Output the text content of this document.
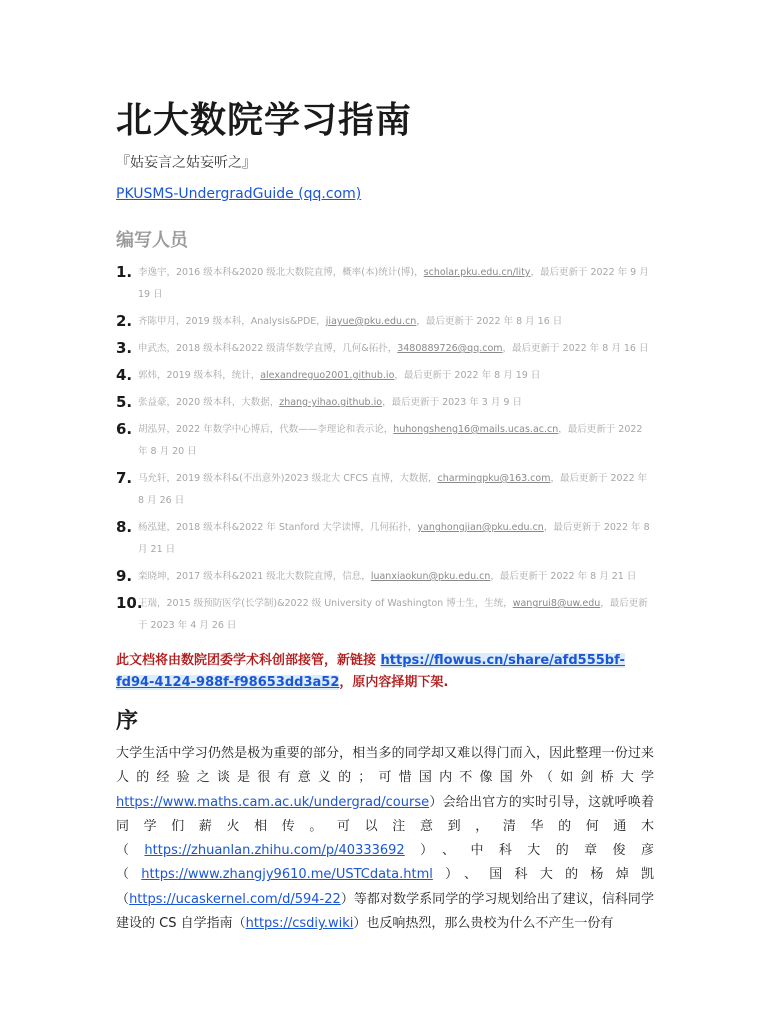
北大数院学习指南
『姑妄言之姑妄听之』
PKUSMS-UndergradGuide (qq.com)
编写人员
1. 李逸宇，2016 级本科&2020 级北大数院直博，概率(本)统计(博)，scholar.pku.edu.cn/lity，最后更新于 2022 年 9 月 19 日
2. 齐陈甲月，2019 级本科，Analysis&PDE，jiayue@pku.edu.cn，最后更新于 2022 年 8 月 16 日
3. 申武杰，2018 级本科&2022 级清华数学直博，几何&拓扑，3480889726@qq.com，最后更新于 2022 年 8 月 16 日
4. 郭炜，2019 级本科，统计，alexandreguo2001.github.io，最后更新于 2022 年 8 月 19 日
5. 张益豪，2020 级本科，大数据，zhang-yihao.github.io，最后更新于 2023 年 3 月 9 日
6. 胡泓昇，2022 年数学中心博后，代数——李理论和表示论，huhongsheng16@mails.ucas.ac.cn，最后更新于 2022 年 8 月 20 日
7. 马允轩，2019 级本科&(不出意外)2023 级北大 CFCS 直博，大数据，charmingpku@163.com，最后更新于 2022 年 8 月 26 日
8. 杨泓建，2018 级本科&2022 年 Stanford 大学读博，几何拓扑，yanghongjian@pku.edu.cn，最后更新于 2022 年 8 月 21 日
9. 栾晓坤，2017 级本科&2021 级北大数院直博，信息，luanxiaokun@pku.edu.cn，最后更新于 2022 年 8 月 21 日
10.
王瑞，2015 级预防医学(长学制)&2022 级 University of Washington 博士生，生统，wangrui8@uw.edu，最后更新于 2023 年 4 月 26 日
此文档将由数院团委学术科创部接管，新链接 https://flowus.cn/share/afd555bf-fd94-4124-988f-f98653dd3a52，原内容择期下架.
序
大学生活中学习仍然是极为重要的部分，相当多的同学却又难以得门而入，因此整理一份过来人的经验之谈是很有意义的；可惜国内不像国外（如剑桥大学https://www.maths.cam.ac.uk/undergrad/course）会给出官方的实时引导，这就呼唤着同学们薪火相传。可以注意到，清华的何通木（https://zhuanlan.zhihu.com/p/40333692）、中科大的章俊彦（https://www.zhangjy9610.me/USTCdata.html）、国科大的杨焯凯（https://ucaskernel.com/d/594-22）等都对数学系同学的学习规划给出了建议，信科同学建设的 CS 自学指南（https://csdiy.wiki）也反响热烈，那么贵校为什么不产生一份有
